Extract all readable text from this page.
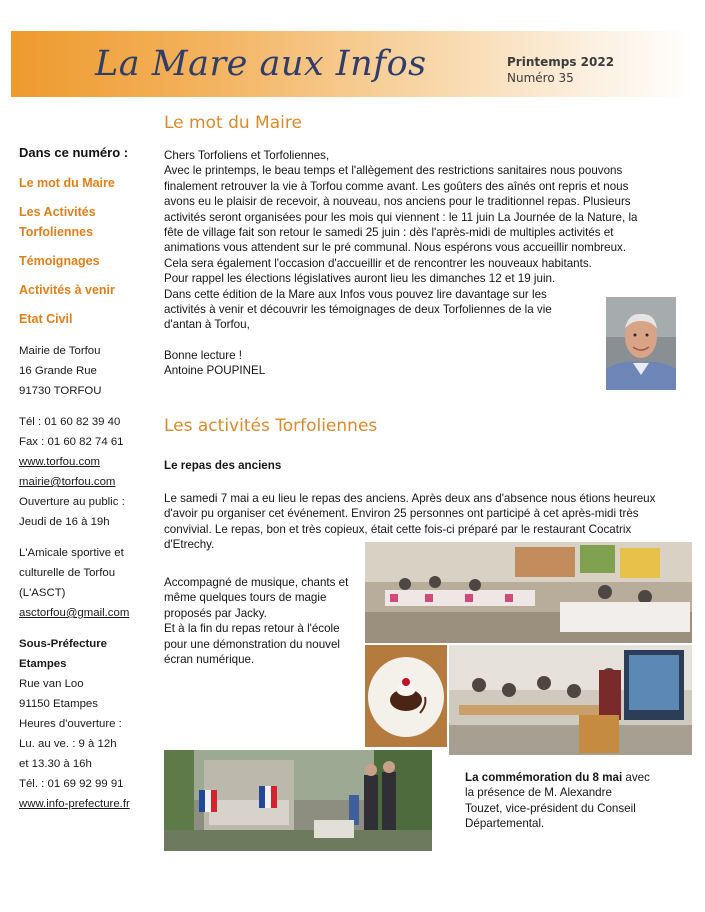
La Mare aux Infos	Printemps 2022
Numéro 35
Dans ce numéro :
Le mot du Maire
Les Activités Torfoliennes
Témoignages
Activités à venir
Etat Civil
Mairie de Torfou
16 Grande Rue
91730 TORFOU
Tél : 01 60 82 39 40
Fax : 01 60 82 74 61
www.torfou.com
mairie@torfou.com
Ouverture au public :
Jeudi de 16 à 19h
L'Amicale sportive et
culturelle de Torfou
(L'ASCT)
asctorfou@gmail.com
Sous-Préfecture
Etampes
Rue van Loo
91150 Etampes
Heures d'ouverture :
Lu. au ve. : 9 à 12h
et 13.30 à 16h
Tél. : 01 69 92 99 91
www.info-prefecture.fr
Le mot du Maire
Chers Torfoliens et Torfoliennes,
Avec le printemps, le beau temps et l'allègement des restrictions sanitaires nous pouvons
finalement retrouver la vie à Torfou comme avant. Les goûters des aînés ont repris et nous
avons eu le plaisir de recevoir, à nouveau, nos anciens pour le traditionnel repas. Plusieurs
activités seront organisées pour les mois qui viennent : le 11 juin La Journée de la Nature, la
fête de village fait son retour le samedi 25 juin : dès l'après-midi de multiples activités et
animations vous attendent sur le pré communal. Nous espérons vous accueillir nombreux.
Cela sera également l'occasion d'accueillir et de rencontrer les nouveaux habitants.
Pour rappel les élections législatives auront lieu les dimanches 12 et 19 juin.
Dans cette édition de la Mare aux Infos vous pouvez lire davantage sur les
activités à venir et découvrir les témoignages de deux Torfoliennes de la vie
d'antan à Torfou,
Bonne lecture !
Antoine POUPINEL
Les activités Torfoliennes
Le repas des anciens
Le samedi 7 mai a eu lieu le repas des anciens. Après deux ans d'absence nous étions heureux
d'avoir pu organiser cet événement. Environ 25 personnes ont participé à cet après-midi très
convivial. Le repas, bon et très copieux, était cette fois-ci préparé par le restaurant Cocatrix
d'Etrechy.
Accompagné de musique, chants et
même quelques tours de magie
proposés par Jacky.
Et à la fin du repas retour à l'école
pour une démonstration du nouvel
écran numérique.
La commémoration du 8 mai avec
la présence de M. Alexandre
Touzet, vice-président du Conseil
Départemental.
